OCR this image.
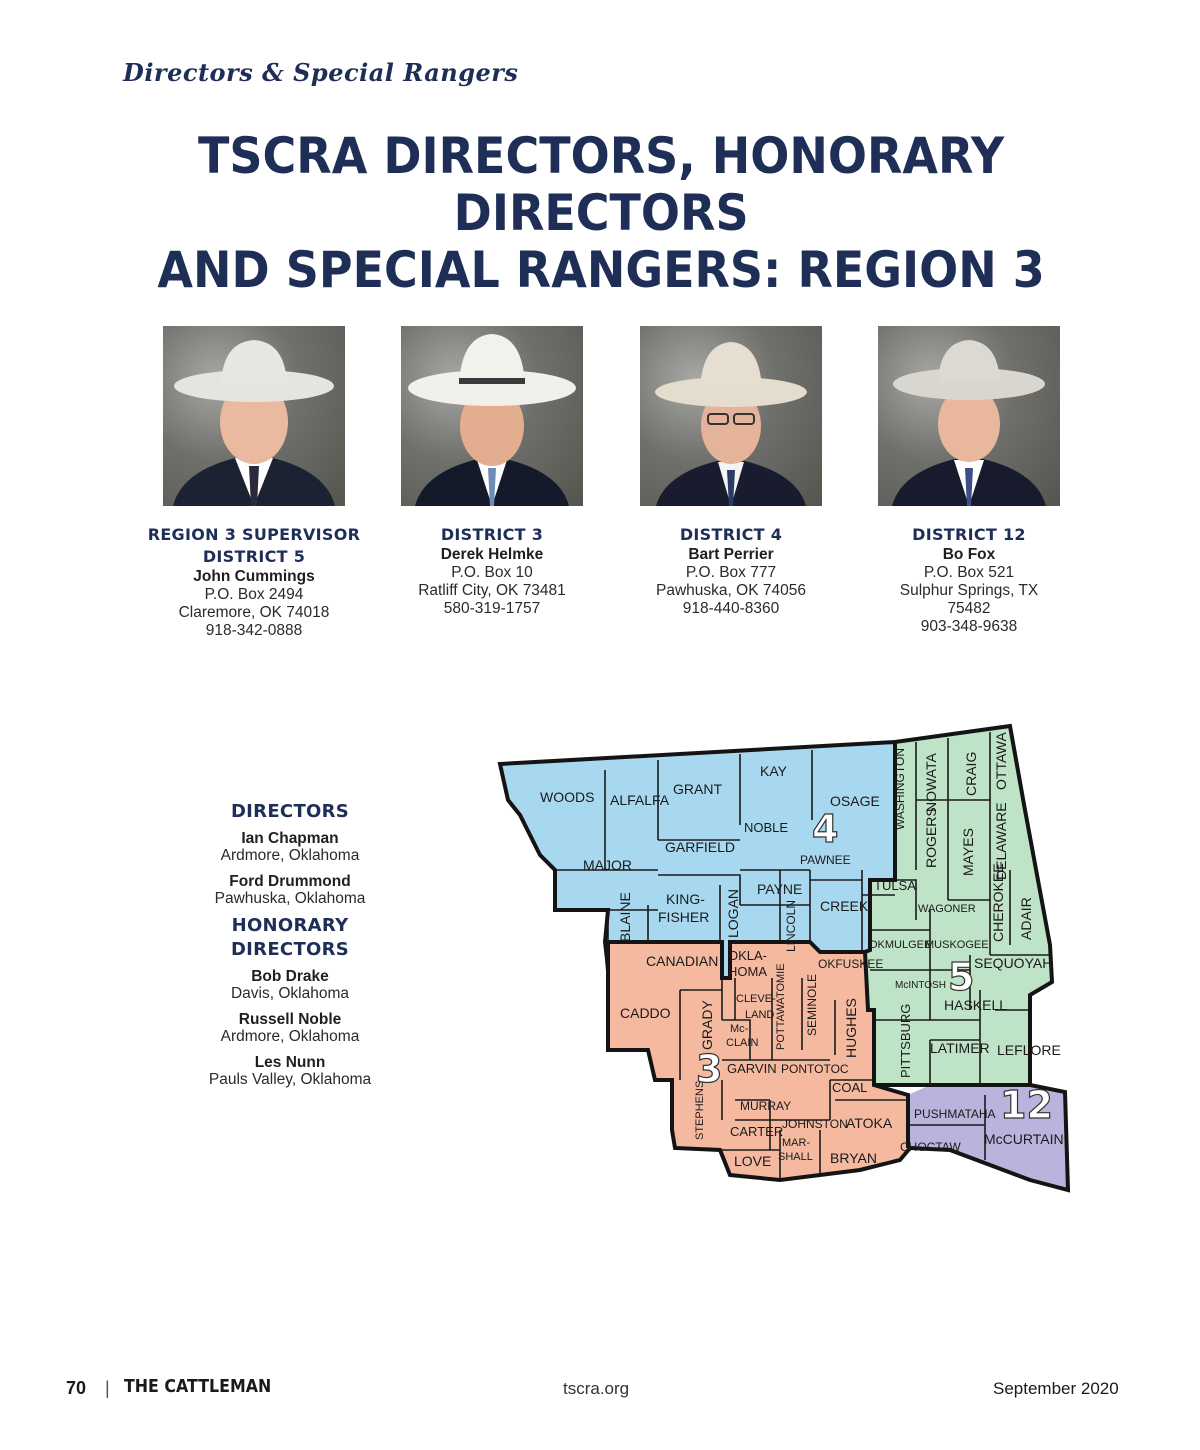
Directors & Special Rangers
TSCRA DIRECTORS, HONORARY DIRECTORS
AND SPECIAL RANGERS: REGION 3
REGION 3 SUPERVISOR
DISTRICT 5
John Cummings
P.O. Box 2494
Claremore, OK 74018
918-342-0888
DISTRICT 3
Derek Helmke
P.O. Box 10
Ratliff City, OK 73481
580-319-1757
DISTRICT 4
Bart Perrier
P.O. Box 777
Pawhuska, OK 74056
918-440-8360
DISTRICT 12
Bo Fox
P.O. Box 521
Sulphur Springs, TX
75482
903-348-9638
DIRECTORS
Ian Chapman
Ardmore, Oklahoma
Ford Drummond
Pawhuska, Oklahoma
HONORARY DIRECTORS
Bob Drake
Davis, Oklahoma
Russell Noble
Ardmore, Oklahoma
Les Nunn
Pauls Valley, Oklahoma
WOODS ALFALFA
GRANT
KAY
OSAGE WASHINGTON NOWATA CRAIG OTTAWA
NOBLE
GARFIELD
MAJOR	PAWNEE	ROGERS MAYES DELAWARE
TULSA
PAYNE
KING-
FISHER
BLAINE	LOGAN	CREEK	WAGONER CHEROKEE ADAIR
OKMULGEE
MUSKOGEE
LINCOLN
OKLA-
HOMA
CANADIAN	OKFUSKEE	SEQUOYAH
McINTOSH
CADDO
CLEVE-
LAND POTTAWATOMIE SEMINOLE HUGHES	HASKELL
GRADY Mc-
CLAIN	PITTSBURG LATIMER LEFLORE
GARVIN PONTOTOC
COAL
STEPHENS	MURRAY
PUSHMATAHA
CARTER
JOHNSTON
ATOKA
MAR-
SHALL
CHOCTAW McCURTAIN
LOVE	BRYAN
4
5
3
12
70 | THE CATTLEMAN	tscra.org	September 2020
